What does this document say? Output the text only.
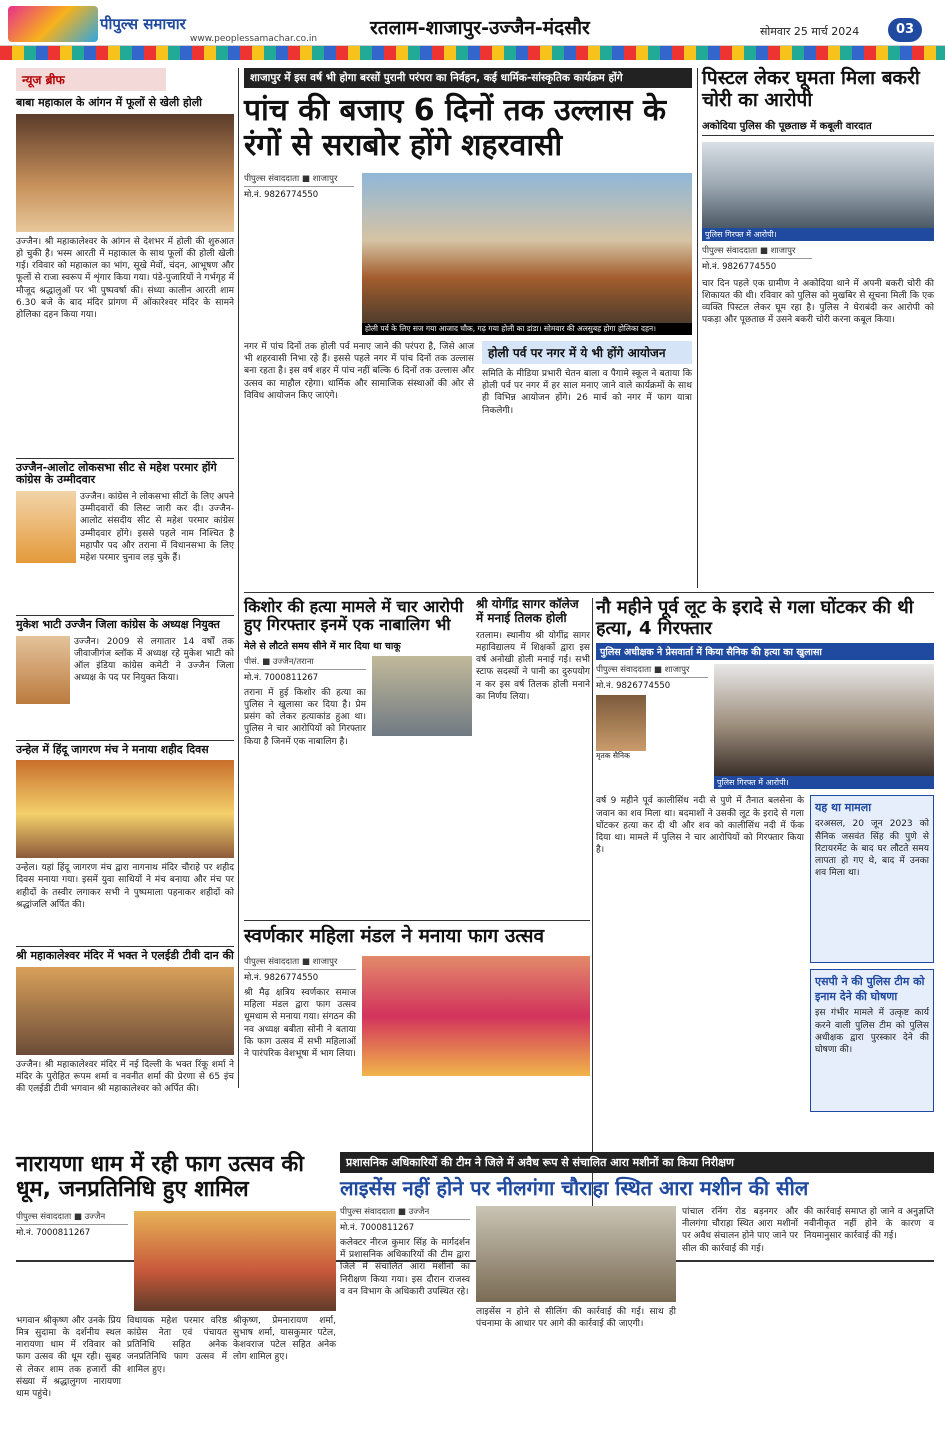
पीपुल्स समाचार
www.peoplessamachar.co.in	रतलाम-शाजापुर-उज्जैन-मंदसौर	सोमवार 25 मार्च 2024	03
न्यूज ब्रीफ
बाबा महाकाल के आंगन में फूलों से खेली होली
उज्जैन। श्री महाकालेश्वर के आंगन से देशभर में होली की शुरुआत हो चुकी है। भस्म आरती में महाकाल के साथ फूलों की होली खेली गई। रविवार को महाकाल का भांग, सूखे मेवों, चंदन, आभूषण और फूलों से राजा स्वरूप में शृंगार किया गया। पंडे-पुजारियों ने गर्भगृह में मौजूद श्रद्धालुओं पर भी पुष्पवर्षा की। संध्या कालीन आरती शाम 6.30 बजे के बाद मंदिर प्रांगण में ओंकारेश्वर मंदिर के सामने होलिका दहन किया गया।
उज्जैन-आलोट लोकसभा सीट से महेश परमार होंगे कांग्रेस के उम्मीदवार
उज्जैन। कांग्रेस ने लोकसभा सीटों के लिए अपने उम्मीदवारों की लिस्ट जारी कर दी। उज्जैन-आलोट संसदीय सीट से महेश परमार कांग्रेस उम्मीदवार होंगे। इससे पहले नाम निश्चित है महापौर पद और तराना में विधानसभा के लिए महेश परमार चुनाव लड़ चुके हैं।
मुकेश भाटी उज्जैन जिला कांग्रेस के अध्यक्ष नियुक्त
उज्जैन। 2009 से लगातार 14 वर्षों तक जीवाजीगंज ब्लॉक में अध्यक्ष रहे मुकेश भाटी को ऑल इंडिया कांग्रेस कमेटी ने उज्जैन जिला अध्यक्ष के पद पर नियुक्त किया।
उन्हेल में हिंदू जागरण मंच ने मनाया शहीद दिवस
उन्हेल। यहां हिंदू जागरण मंच द्वारा नागनाथ मंदिर चौराहे पर शहीद दिवस मनाया गया। इसमें युवा साथियों ने मंच बनाया और मंच पर शहीदों के तस्वीर लगाकर सभी ने पुष्पमाला पहनाकर शहीदों को श्रद्धांजलि अर्पित की।
श्री महाकालेश्वर मंदिर में भक्त ने एलईडी टीवी दान की
उज्जैन। श्री महाकालेश्वर मंदिर में नई दिल्ली के भक्त रिंकू शर्मा ने मंदिर के पुरोहित रूपम शर्मा व नवनीत शर्मा की प्रेरणा से 65 इंच की एलईडी टीवी भगवान श्री महाकालेश्वर को अर्पित की।
शाजापुर में इस वर्ष भी होगा बरसों पुरानी परंपरा का निर्वहन, कई धार्मिक-सांस्कृतिक कार्यक्रम होंगे
पांच की बजाए 6 दिनों तक उल्लास के रंगों से सराबोर होंगे शहरवासी
पीपुल्स संवाददाता ■ शाजापुर
मो.नं. 9826774550
होली पर्व के लिए सज गया आजाद चौक, गढ़ गया होली का डांडा। सोमवार की अलसुबह होगा होलिका दहन।
नगर में पांच दिनों तक होली पर्व मनाए जाने की परंपरा है, जिसे आज भी शहरवासी निभा रहे हैं। इससे पहले नगर में पांच दिनों तक उल्लास बना रहता है। इस वर्ष शहर में पांच नहीं बल्कि 6 दिनों तक उल्लास और उत्सव का माहौल रहेगा। धार्मिक और सामाजिक संस्थाओं की ओर से विविध आयोजन किए जाएंगे।
होली पर्व पर नगर में ये भी होंगे आयोजन
समिति के मीडिया प्रभारी चेतन बाला व पैगामे स्कूल ने बताया कि होली पर्व पर नगर में हर साल मनाए जाने वाले कार्यक्रमों के साथ ही विभिन्न आयोजन होंगे। 26 मार्च को नगर में फाग यात्रा निकलेगी।
पिस्टल लेकर घूमता मिला बकरी चोरी का आरोपी
अकोदिया पुलिस की पूछताछ में कबूली वारदात
पुलिस गिरफ्त में आरोपी।
पीपुल्स संवाददाता ■ शाजापुर
मो.नं. 9826774550
चार दिन पहले एक ग्रामीण ने अकोदिया थाने में अपनी बकरी चोरी की शिकायत की थी। रविवार को पुलिस को मुखबिर से सूचना मिली कि एक व्यक्ति पिस्टल लेकर घूम रहा है। पुलिस ने घेराबंदी कर आरोपी को पकड़ा और पूछताछ में उसने बकरी चोरी करना कबूल किया।
किशोर की हत्या मामले में चार आरोपी हुए गिरफ्तार इनमें एक नाबालिग भी
मेले से लौटते समय सीने में मार दिया था चाकू
पीसं. ■ उज्जैन/तराना
मो.नं. 7000811267
तराना में हुई किशोर की हत्या का पुलिस ने खुलासा कर दिया है। प्रेम प्रसंग को लेकर हत्याकांड हुआ था। पुलिस ने चार आरोपियों को गिरफ्तार किया है जिनमें एक नाबालिग है।
श्री योगींद्र सागर कॉलेज में मनाई तिलक होली
रतलाम। स्थानीय श्री योगींद्र सागर महाविद्यालय में शिक्षकों द्वारा इस वर्ष अनोखी होली मनाई गई। सभी स्टाफ सदस्यों ने पानी का दुरुपयोग न कर इस वर्ष तिलक होली मनाने का निर्णय लिया।
नौ महीने पूर्व लूट के इरादे से गला घोंटकर की थी हत्या, 4 गिरफ्तार
पुलिस अधीक्षक ने प्रेसवार्ता में किया सैनिक की हत्या का खुलासा
पीपुल्स संवाददाता ■ शाजापुर
मो.नं. 9826774550
मृतक सैनिक
पुलिस गिरफ्त में आरोपी।
वर्ष 9 महीने पूर्व कालीसिंध नदी से पुणे में तैनात बलसेना के जवान का शव मिला था। बदमाशों ने उसकी लूट के इरादे से गला घोंटकर हत्या कर दी थी और शव को कालीसिंध नदी में फेंक दिया था। मामले में पुलिस ने चार आरोपियों को गिरफ्तार किया है।
यह था मामला
दरअसल, 20 जून 2023 को सैनिक जसवंत सिंह की पुणे से रिटायरमेंट के बाद घर लौटते समय लापता हो गए थे, बाद में उनका शव मिला था।
एसपी ने की पुलिस टीम को इनाम देने की घोषणा
इस गंभीर मामले में उत्कृष्ट कार्य करने वाली पुलिस टीम को पुलिस अधीक्षक द्वारा पुरस्कार देने की घोषणा की।
स्वर्णकार महिला मंडल ने मनाया फाग उत्सव
पीपुल्स संवाददाता ■ शाजापुर
मो.नं. 9826774550
श्री मैढ़ क्षत्रिय स्वर्णकार समाज महिला मंडल द्वारा फाग उत्सव धूमधाम से मनाया गया। संगठन की नव अध्यक्ष बबीता सोनी ने बताया कि फाग उत्सव में सभी महिलाओं ने पारंपरिक वेशभूषा में भाग लिया।
नारायणा धाम में रही फाग उत्सव की धूम, जनप्रतिनिधि हुए शामिल
पीपुल्स संवाददाता ■ उज्जैन
मो.नं. 7000811267
भगवान श्रीकृष्ण और उनके प्रिय मित्र सुदामा के दर्शनीय स्थल नारायणा धाम में रविवार को फाग उत्सव की धूम रही। सुबह से लेकर शाम तक हजारों की संख्या में श्रद्धालुगण नारायणा धाम पहुंचे।
विधायक महेश परमार वरिष्ठ कांग्रेस नेता एवं पंचायत प्रतिनिधि सहित अनेक जनप्रतिनिधि फाग उत्सव में शामिल हुए।
श्रीकृष्ण, प्रेमनारायण शर्मा, सुभाष शर्मा, यासकुमार पटेल, केशवराज पटेल सहित अनेक लोग शामिल हुए।
प्रशासनिक अधिकारियों की टीम ने जिले में अवैध रूप से संचालित आरा मशीनों का किया निरीक्षण
लाइसेंस नहीं होने पर नीलगंगा चौराहा स्थित आरा मशीन की सील
पीपुल्स संवाददाता ■ उज्जैन
मो.नं. 7000811267
कलेक्टर नीरज कुमार सिंह के मार्गदर्शन में प्रशासनिक अधिकारियों की टीम द्वारा जिले में संचालित आरा मशीनों का निरीक्षण किया गया। इस दौरान राजस्व व वन विभाग के अधिकारी उपस्थित रहे।
लाइसेंस न होने से सीलिंग की कार्रवाई की गई। साथ ही पंचनामा के आधार पर आगे की कार्रवाई की जाएगी।
पांचाल रनिंग रोड बड़नगर और नीलगंगा चौराहा स्थित आरा मशीनों पर अवैध संचालन होने पाए जाने पर सील की कार्रवाई की गई।
की कार्रवाई समाप्त हो जाने व अनुज्ञप्ति नवीनीकृत नहीं होने के कारण व नियमानुसार कार्रवाई की गई।
